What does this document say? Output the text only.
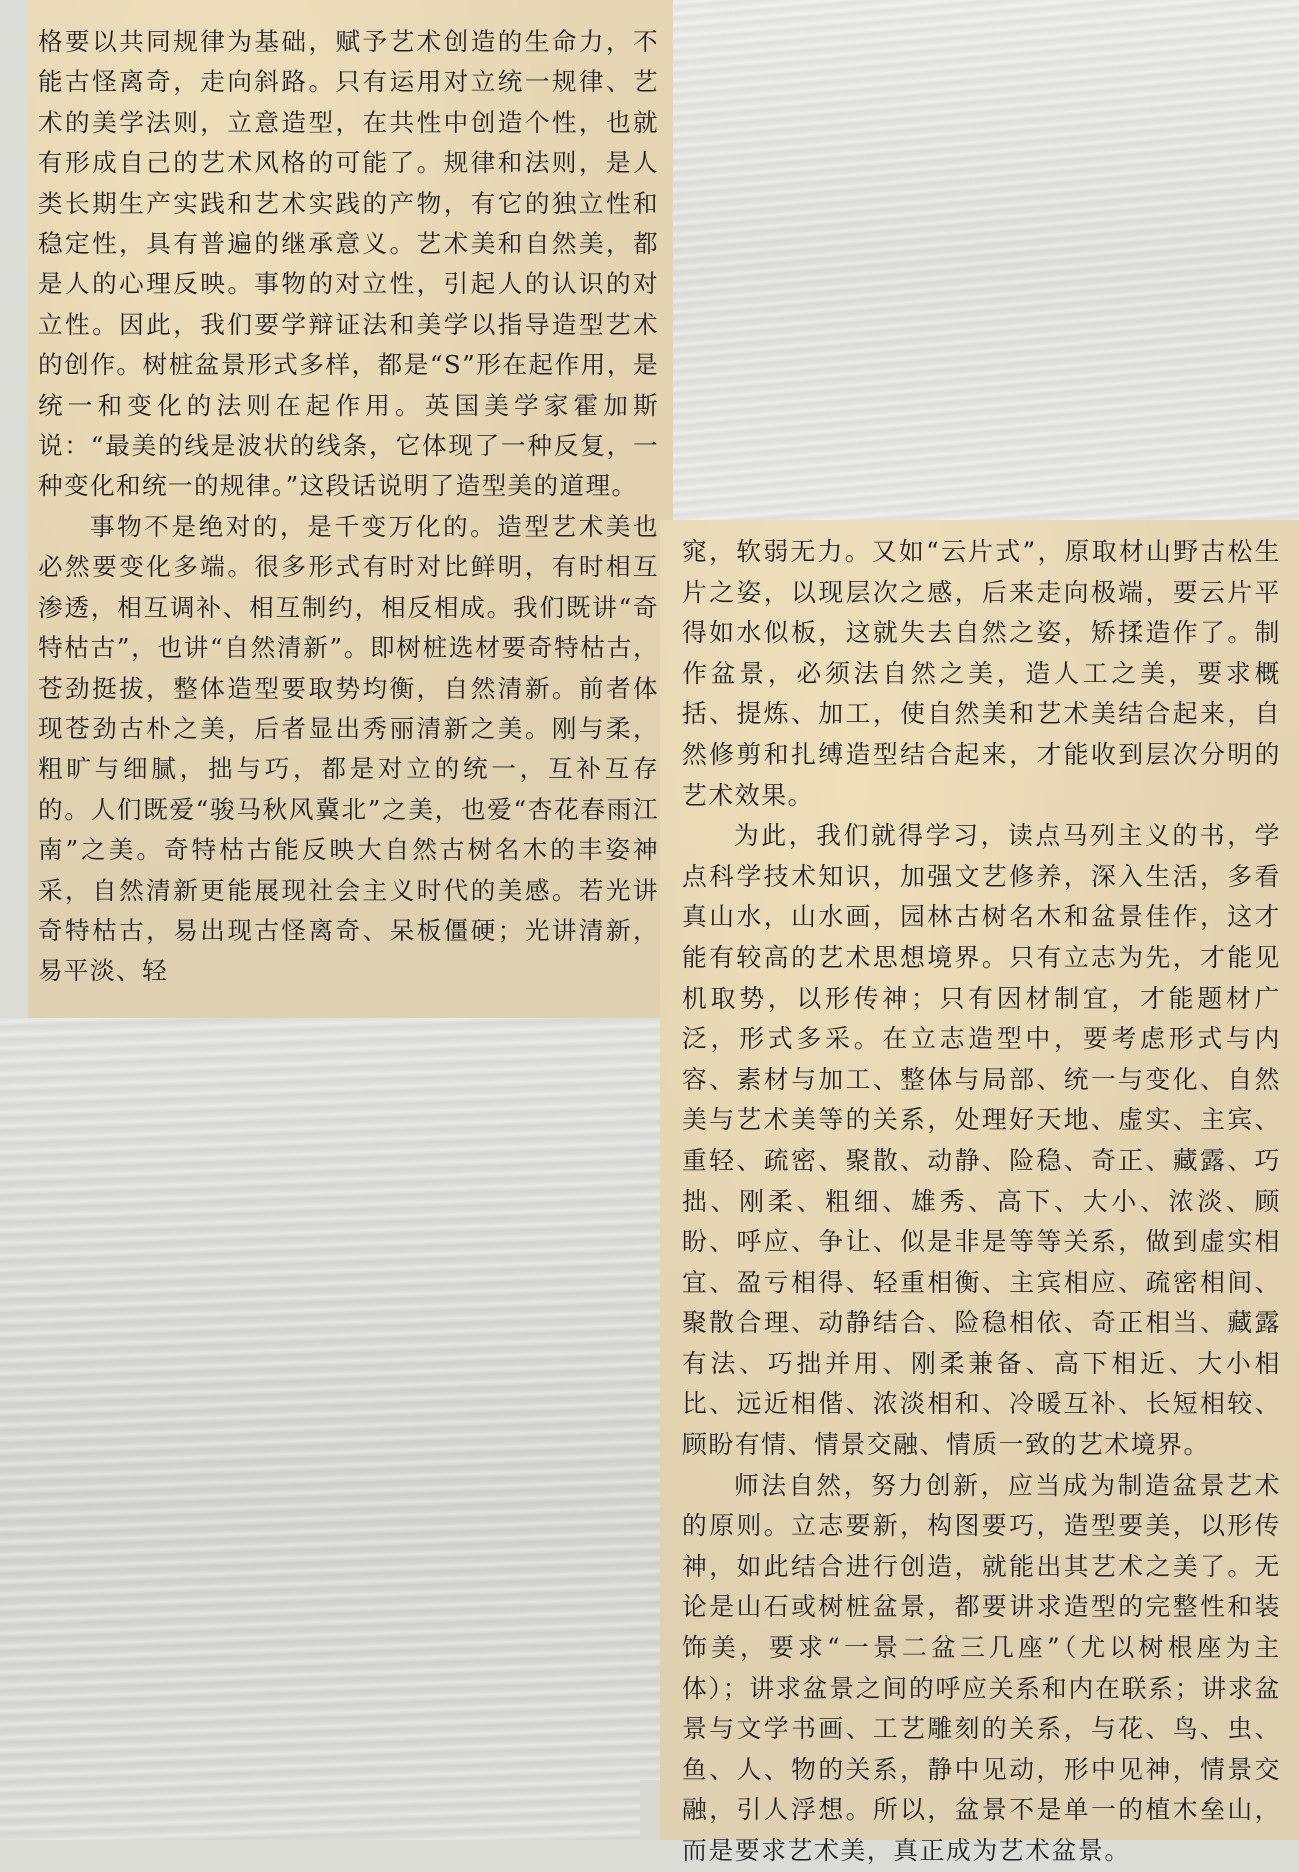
格要以共同规律为基础，赋予艺术创造的生命力，不能古怪离奇，走向斜路。只有运用对立统一规律、艺术的美学法则，立意造型，在共性中创造个性，也就有形成自己的艺术风格的可能了。规律和法则，是人类长期生产实践和艺术实践的产物，有它的独立性和稳定性，具有普遍的继承意义。艺术美和自然美，都是人的心理反映。事物的对立性，引起人的认识的对立性。因此，我们要学辩证法和美学以指导造型艺术的创作。树桩盆景形式多样，都是“S”形在起作用，是统一和变化的法则在起作用。英国美学家霍加斯说：“最美的线是波状的线条，它体现了一种反复，一种变化和统一的规律。”这段话说明了造型美的道理。

事物不是绝对的，是千变万化的。造型艺术美也必然要变化多端。很多形式有时对比鲜明，有时相互渗透，相互调补、相互制约，相反相成。我们既讲“奇特枯古”，也讲“自然清新”。即树桩选材要奇特枯古，苍劲挺拔，整体造型要取势均衡，自然清新。前者体现苍劲古朴之美，后者显出秀丽清新之美。刚与柔，粗旷与细腻，拙与巧，都是对立的统一，互补互存的。人们既爱“骏马秋风冀北”之美，也爱“杏花春雨江南”之美。奇特枯古能反映大自然古树名木的丰姿神采，自然清新更能展现社会主义时代的美感。若光讲奇特枯古，易出现古怪离奇、呆板僵硬；光讲清新，易平淡、轻

窕，软弱无力。又如“云片式”，原取材山野古松生片之姿，以现层次之感，后来走向极端，要云片平得如水似板，这就失去自然之姿，矫揉造作了。制作盆景，必须法自然之美，造人工之美，要求概括、提炼、加工，使自然美和艺术美结合起来，自然修剪和扎缚造型结合起来，才能收到层次分明的艺术效果。

为此，我们就得学习，读点马列主义的书，学点科学技术知识，加强文艺修养，深入生活，多看真山水，山水画，园林古树名木和盆景佳作，这才能有较高的艺术思想境界。只有立志为先，才能见机取势，以形传神；只有因材制宜，才能题材广泛，形式多采。在立志造型中，要考虑形式与内容、素材与加工、整体与局部、统一与变化、自然美与艺术美等的关系，处理好天地、虚实、主宾、重轻、疏密、聚散、动静、险稳、奇正、藏露、巧拙、刚柔、粗细、雄秀、高下、大小、浓淡、顾盼、呼应、争让、似是非是等等关系，做到虚实相宜、盈亏相得、轻重相衡、主宾相应、疏密相间、聚散合理、动静结合、险稳相依、奇正相当、藏露有法、巧拙并用、刚柔兼备、高下相近、大小相比、远近相偕、浓淡相和、冷暖互补、长短相较、顾盼有情、情景交融、情质一致的艺术境界。

师法自然，努力创新，应当成为制造盆景艺术的原则。立志要新，构图要巧，造型要美，以形传神，如此结合进行创造，就能出其艺术之美了。无论是山石或树桩盆景，都要讲求造型的完整性和装饰美，要求“一景二盆三几座”（尤以树根座为主体）；讲求盆景之间的呼应关系和内在联系；讲求盆景与文学书画、工艺雕刻的关系，与花、鸟、虫、鱼、人、物的关系，静中见动，形中见神，情景交融，引人浮想。所以，盆景不是单一的植木垒山，而是要求艺术美，真正成为艺术盆景。
